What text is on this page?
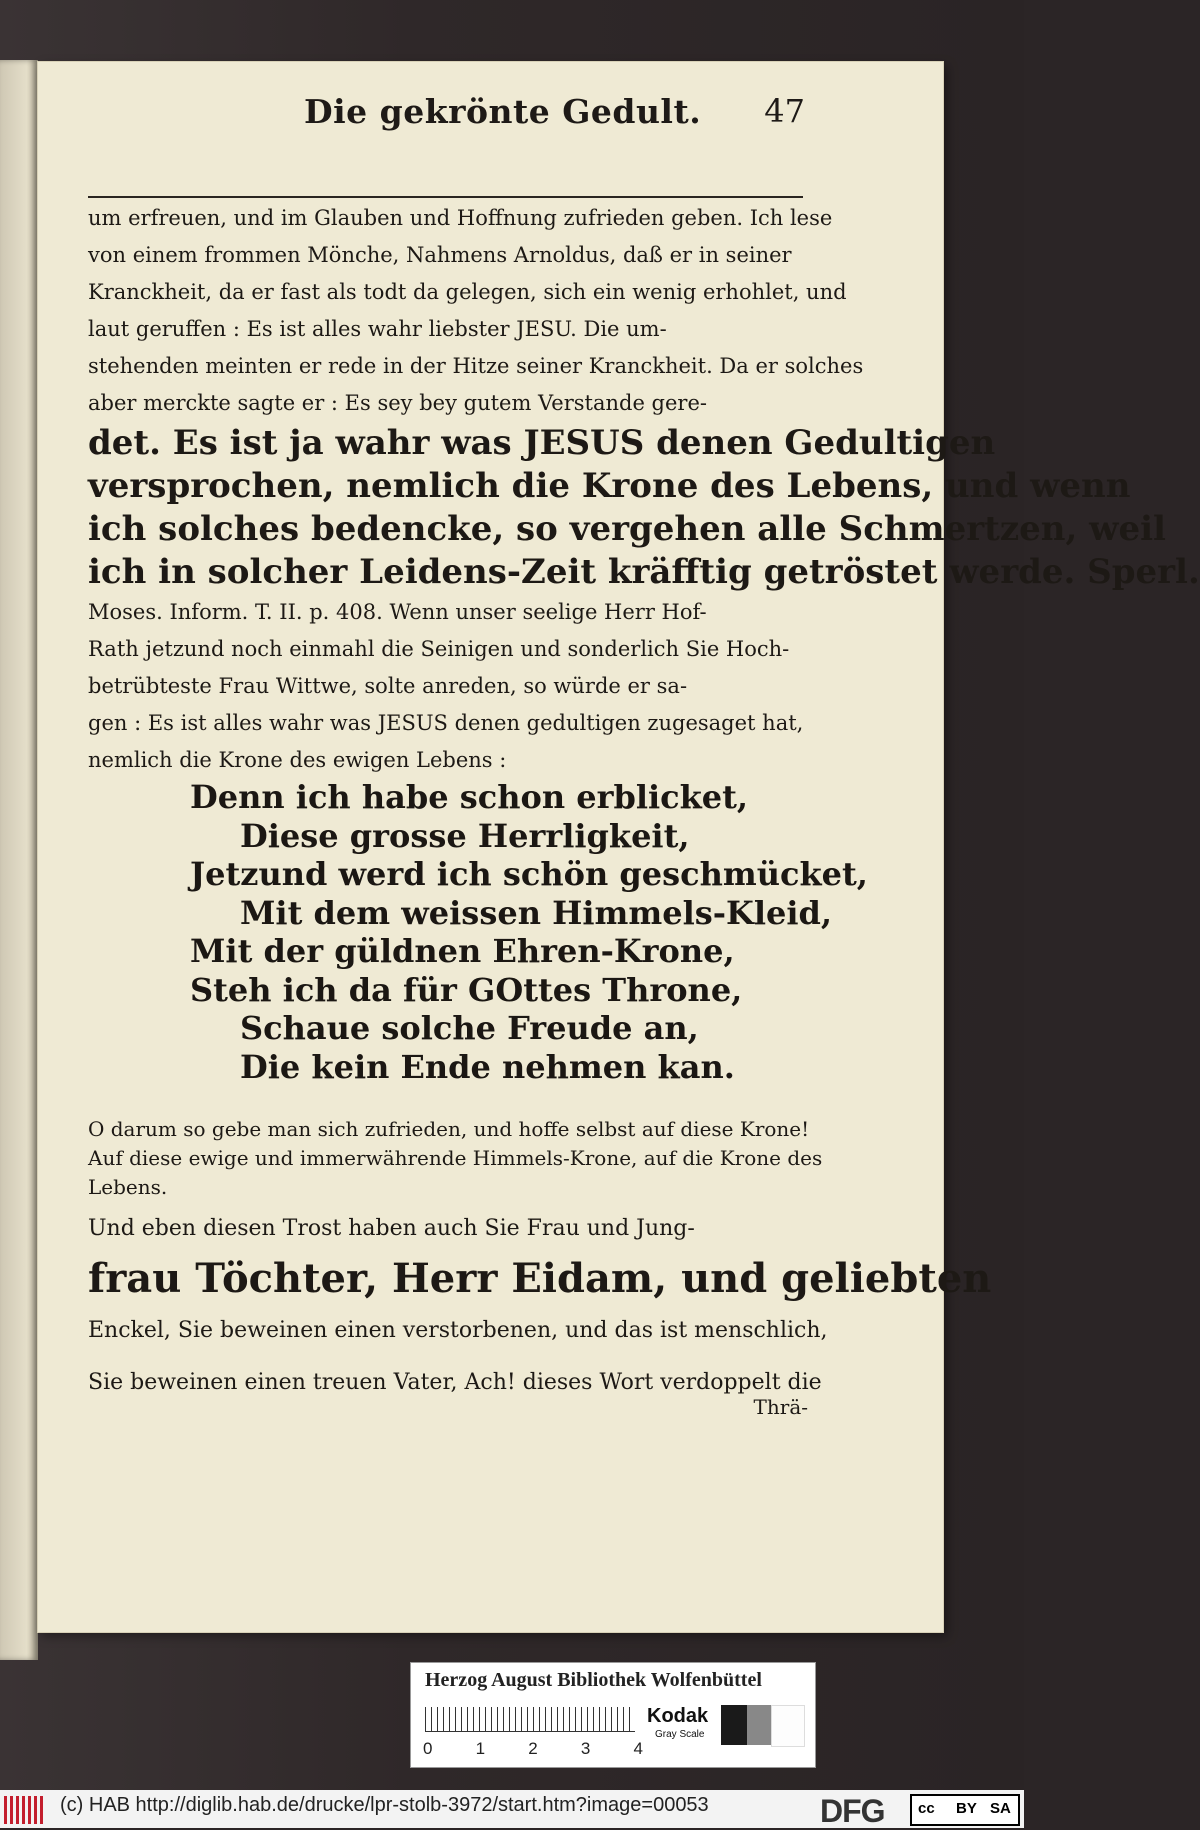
Die gekrönte Gedult. 47
um erfreuen, und im Glauben und Hoffnung zufrieden geben. Ich lese
von einem frommen Mönche, Nahmens Arnoldus, daß er in seiner
Kranckheit, da er fast als todt da gelegen, sich ein wenig erhohlet, und
laut geruffen : Es ist alles wahr liebster JESU. Die um-
stehenden meinten er rede in der Hitze seiner Kranckheit. Da er solches
aber merckte sagte er : Es sey bey gutem Verstande gere-
det. Es ist ja wahr was JESUS denen Gedultigen
versprochen, nemlich die Krone des Lebens, und wenn
ich solches bedencke, so vergehen alle Schmertzen, weil
ich in solcher Leidens-Zeit kräfftig getröstet werde. Sperl.
Moses. Inform. T. II. p. 408. Wenn unser seelige Herr Hof-
Rath jetzund noch einmahl die Seinigen und sonderlich Sie Hoch-
betrübteste Frau Wittwe, solte anreden, so würde er sa-
gen : Es ist alles wahr was JESUS denen gedultigen zugesaget hat,
nemlich die Krone des ewigen Lebens :
Denn ich habe schon erblicket,
Diese grosse Herrligkeit,
Jetzund werd ich schön geschmücket,
Mit dem weissen Himmels-Kleid,
Mit der güldnen Ehren-Krone,
Steh ich da für GOttes Throne,
Schaue solche Freude an,
Die kein Ende nehmen kan.
O darum so gebe man sich zufrieden, und hoffe selbst auf diese Krone!
Auf diese ewige und immerwährende Himmels-Krone, auf die Krone des
Lebens.
Und eben diesen Trost haben auch Sie Frau und Jung-
frau Töchter, Herr Eidam, und geliebten
Enckel, Sie beweinen einen verstorbenen, und das ist menschlich,
Sie beweinen einen treuen Vater, Ach! dieses Wort verdoppelt die
Thrä-
Herzog August Bibliothek Wolfenbüttel
0	1	2	3	4
Kodak
Gray Scale
(c) HAB http://diglib.hab.de/drucke/lpr-stolb-3972/start.htm?image=00053	DFG cc BY SA
